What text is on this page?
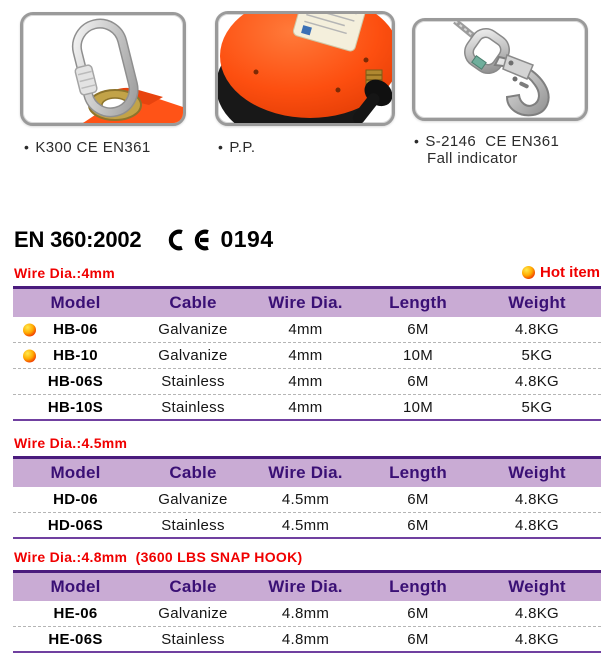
• K300 CE EN361	• P.P.	• S-2146  CE EN361
Fall indicator
EN 360:2002	0194
Wire Dia.:4mm	Hot item
Model	Cable	Wire Dia.	Length	Weight
HB-06	Galvanize	4mm	6M	4.8KG
HB-10	Galvanize	4mm	10M	5KG
HB-06S	Stainless	4mm	6M	4.8KG
HB-10S	Stainless	4mm	10M	5KG
Wire Dia.:4.5mm
Model	Cable	Wire Dia.	Length	Weight
HD-06	Galvanize	4.5mm	6M	4.8KG
HD-06S	Stainless	4.5mm	6M	4.8KG
Wire Dia.:4.8mm  (3600 LBS SNAP HOOK)
Model	Cable	Wire Dia.	Length	Weight
HE-06	Galvanize	4.8mm	6M	4.8KG
HE-06S	Stainless	4.8mm	6M	4.8KG
